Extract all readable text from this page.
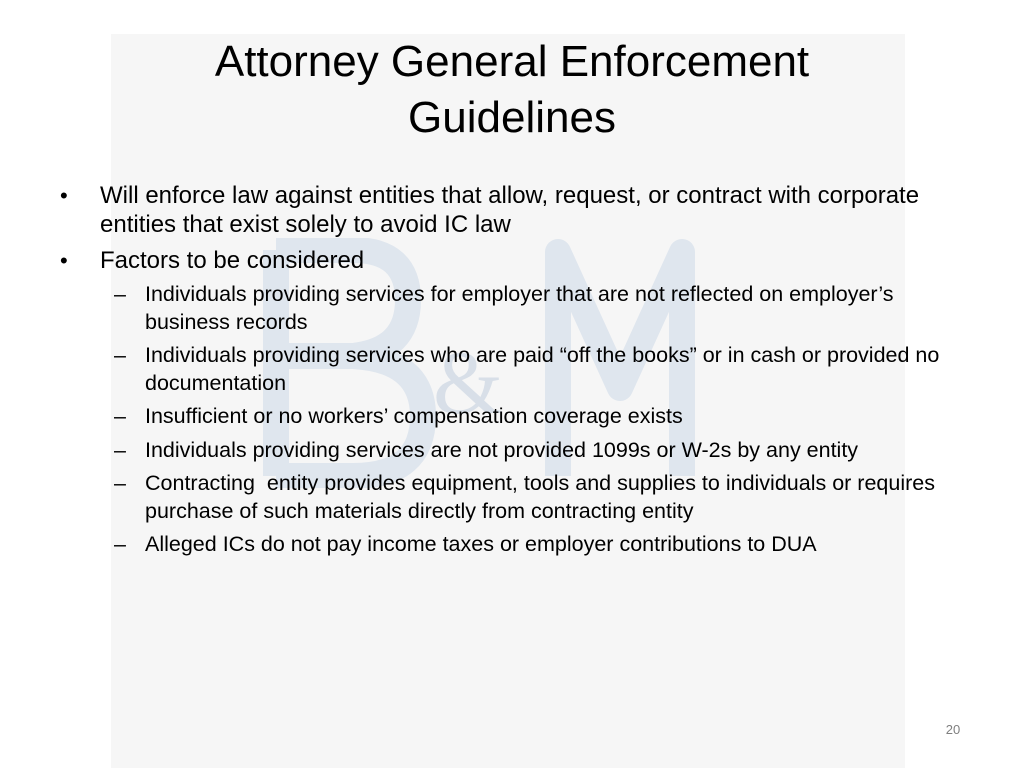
&
Attorney General Enforcement Guidelines
• Will enforce law against entities that allow, request, or contract with corporate entities that exist solely to avoid IC law
• Factors to be considered
– Individuals providing services for employer that are not reflected on employer’s business records
– Individuals providing services who are paid “off the books” or in cash or provided no documentation
– Insufficient or no workers’ compensation coverage exists
– Individuals providing services are not provided 1099s or W-2s by any entity
– Contracting  entity provides equipment, tools and supplies to individuals or requires purchase of such materials directly from contracting entity
– Alleged ICs do not pay income taxes or employer contributions to DUA
20
